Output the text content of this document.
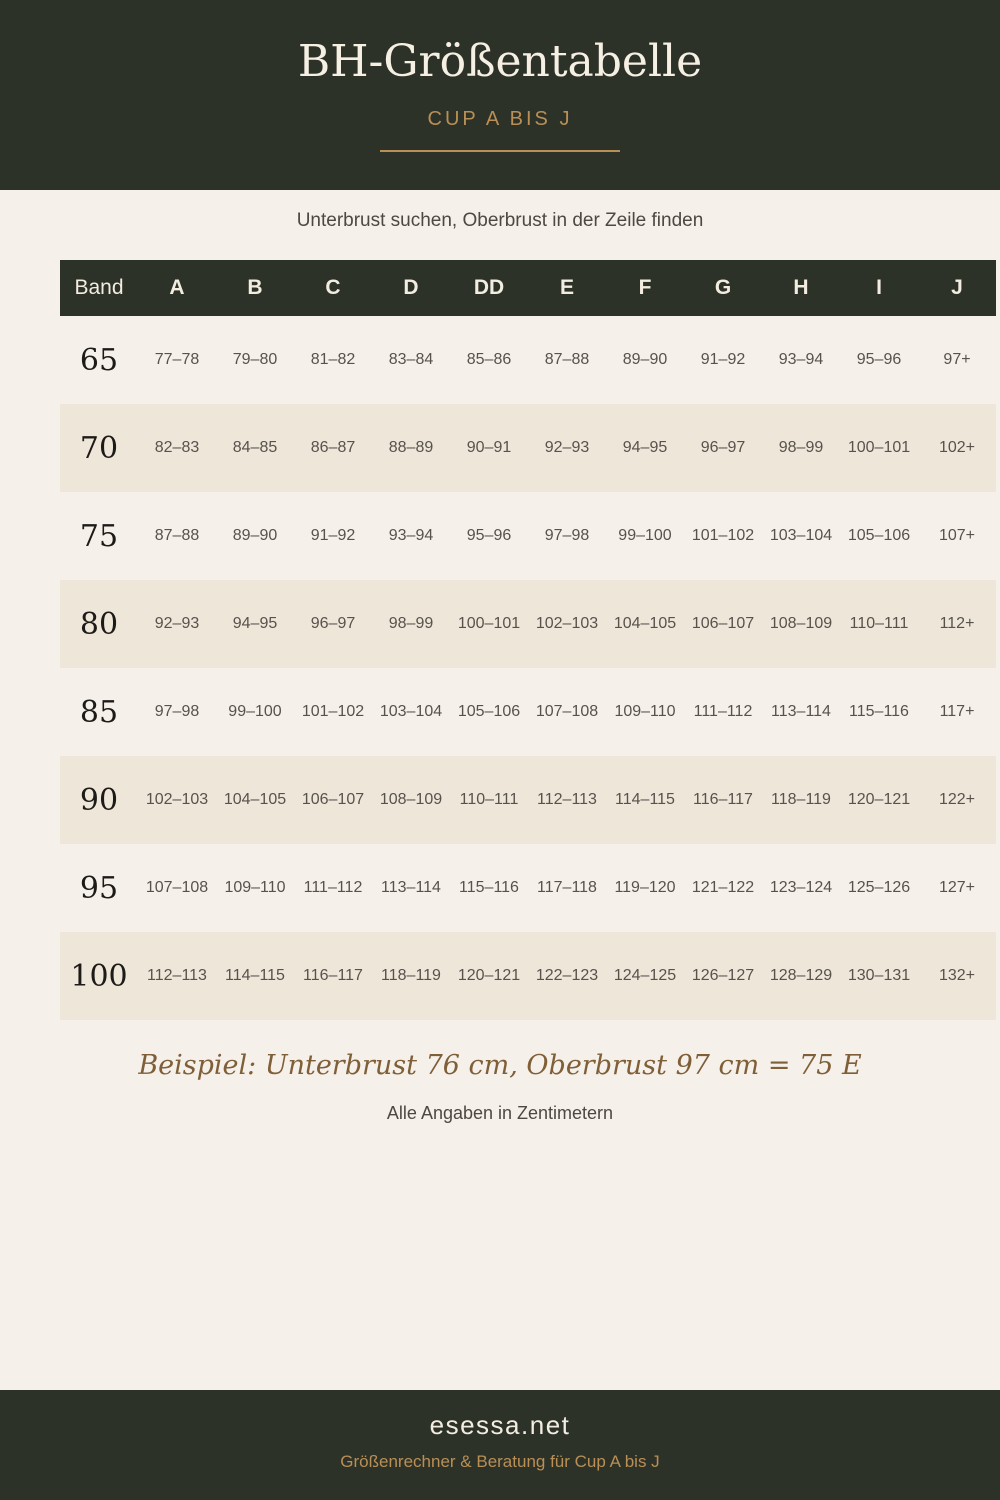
BH-Größentabelle
CUP A BIS J
Unterbrust suchen, Oberbrust in der Zeile finden
Band	A	B	C	D	DD	E	F	G	H	I	J
65	77–78	79–80	81–82	83–84	85–86	87–88	89–90	91–92	93–94	95–96	97+
70	82–83	84–85	86–87	88–89	90–91	92–93	94–95	96–97	98–99	100–101	102+
75	87–88	89–90	91–92	93–94	95–96	97–98	99–100	101–102	103–104	105–106	107+
80	92–93	94–95	96–97	98–99	100–101	102–103	104–105	106–107	108–109	110–111	112+
85	97–98	99–100	101–102	103–104	105–106	107–108	109–110	111–112	113–114	115–116	117+
90	102–103	104–105	106–107	108–109	110–111	112–113	114–115	116–117	118–119	120–121	122+
95	107–108	109–110	111–112	113–114	115–116	117–118	119–120	121–122	123–124	125–126	127+
100	112–113	114–115	116–117	118–119	120–121	122–123	124–125	126–127	128–129	130–131	132+
Beispiel: Unterbrust 76 cm, Oberbrust 97 cm = 75 E
Alle Angaben in Zentimetern
esessa.net
Größenrechner & Beratung für Cup A bis J
